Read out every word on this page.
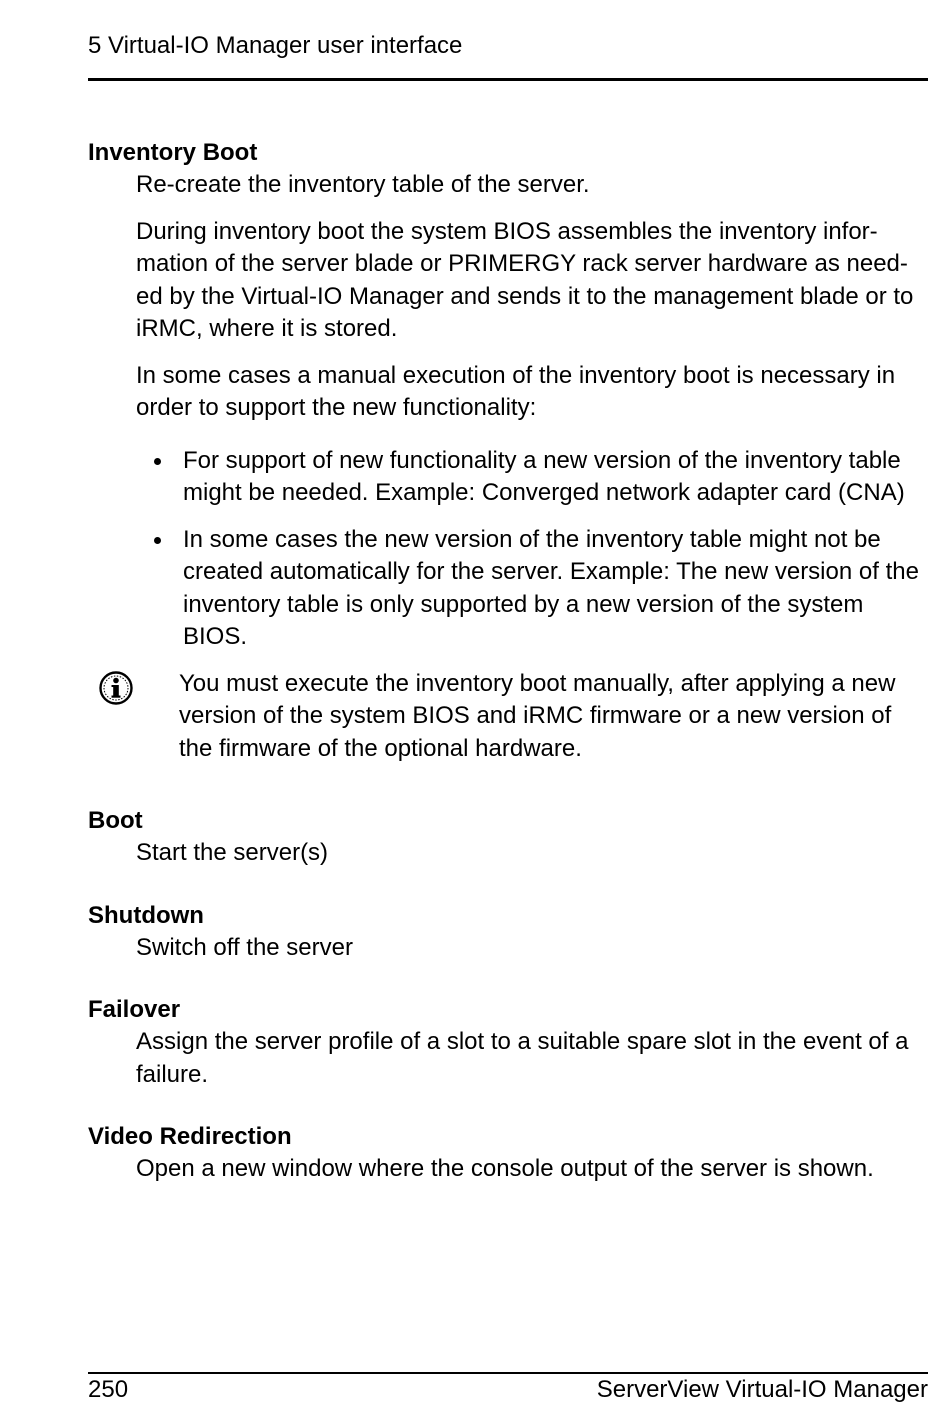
5 Virtual-IO Manager user interface

Inventory Boot

Re-create the inventory table of the server.

During inventory boot the system BIOS assembles the inventory infor-mation of the server blade or PRIMERGY rack server hardware as need-ed by the Virtual-IO Manager and sends it to the management blade or to iRMC, where it is stored.

In some cases a manual execution of the inventory boot is necessary in order to support the new functionality:

For support of new functionality a new version of the inventory table might be needed. Example: Converged network adapter card (CNA)
In some cases the new version of the inventory table might not be created automatically for the server. Example: The new version of the inventory table is only supported by a new version of the system BIOS.
You must execute the inventory boot manually, after applying a new version of the system BIOS and iRMC firmware or a new version of the firmware of the optional hardware.

Boot

Start the server(s)

Shutdown

Switch off the server

Failover

Assign the server profile of a slot to a suitable spare slot in the event of a failure.

Video Redirection

Open a new window where the console output of the server is shown.

250	ServerView Virtual-IO Manager
